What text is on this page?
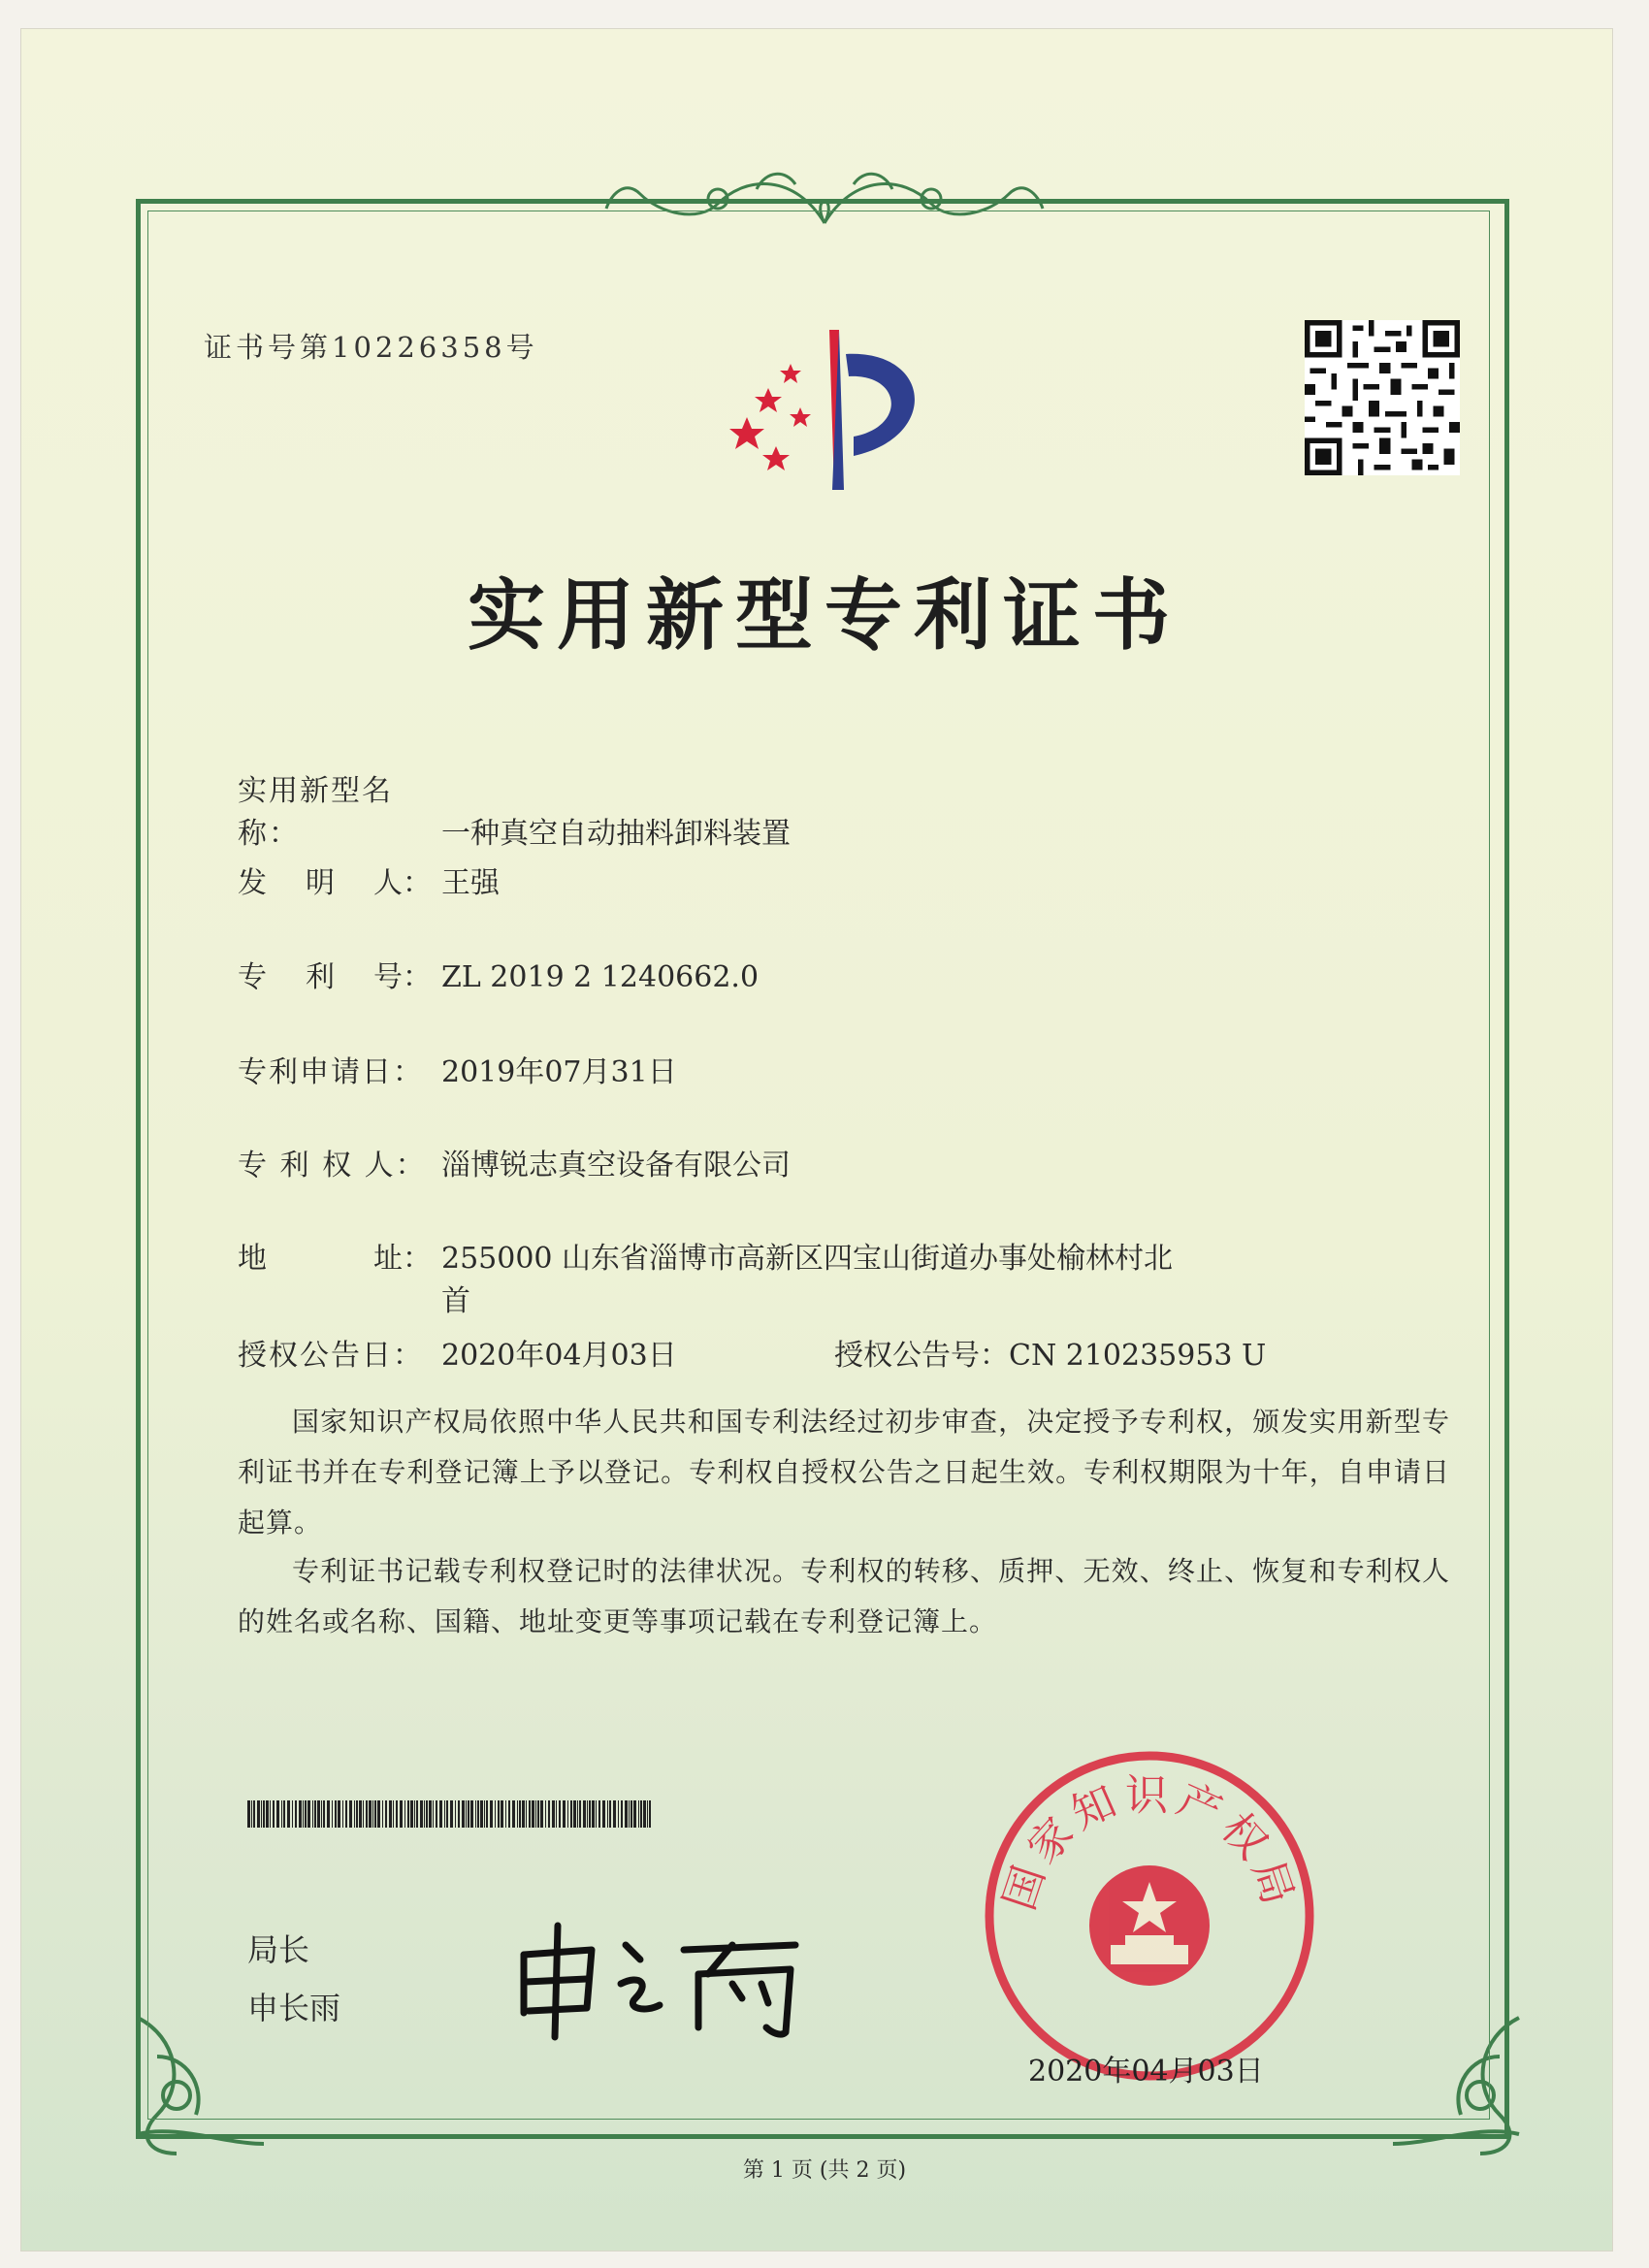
证书号第10226358号
实用新型专利证书
实用新型名称：	一种真空自动抽料卸料装置
发 明 人： 王强
专 利 号： ZL 2019 2 1240662.0
专利申请日： 2019年07月31日
专 利 权 人： 淄博锐志真空设备有限公司
地	址： 255000 山东省淄博市高新区四宝山街道办事处榆林村北
首
授权公告日： 2020年04月03日	授权公告号：CN 210235953 U
国家知识产权局依照中华人民共和国专利法经过初步审查，决定授予专利权，颁发实用新型专利证书并在专利登记簿上予以登记。专利权自授权公告之日起生效。专利权期限为十年，自申请日起算。
专利证书记载专利权登记时的法律状况。专利权的转移、质押、无效、终止、恢复和专利权人的姓名或名称、国籍、地址变更等事项记载在专利登记簿上。
局长
申长雨
国家知识产权局
2020年04月03日
第 1 页 (共 2 页)
